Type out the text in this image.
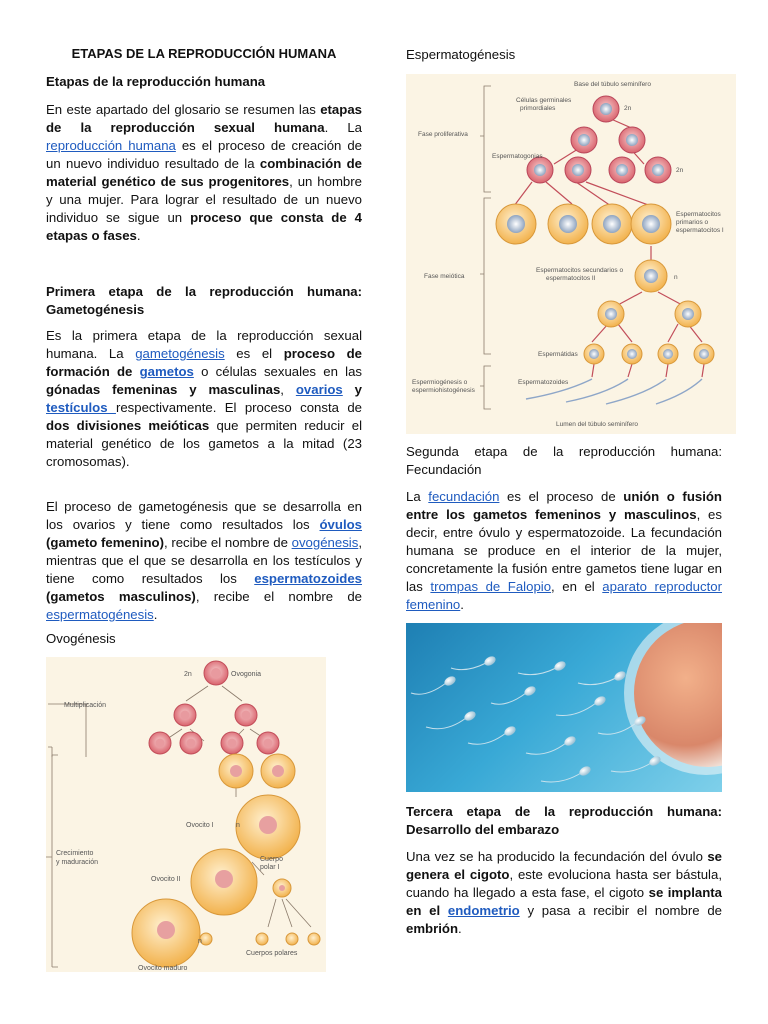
ETAPAS DE LA REPRODUCCIÓN HUMANA
Etapas de la reproducción humana

En este apartado del glosario se resumen las etapas de la reproducción sexual humana. La reproducción humana es el proceso de creación de un nuevo individuo resultado de la combinación de material genético de sus progenitores, un hombre y una mujer. Para lograr el resultado de un nuevo individuo se sigue un proceso que consta de 4 etapas o fases.

Primera etapa de la reproducción humana: Gametogénesis

Es la primera etapa de la reproducción sexual humana. La gametogénesis es el proceso de formación de gametos o células sexuales en las gónadas femeninas y masculinas, ovarios y testículos respectivamente. El proceso consta de dos divisiones meióticas que permiten reducir el material genético de los gametos a la mitad (23 cromosomas).

El proceso de gametogénesis que se desarrolla en los ovarios y tiene como resultados los óvulos (gameto femenino), recibe el nombre de ovogénesis, mientras que el que se desarrolla en los testículos y tiene como resultados los espermatozoides (gametos masculinos), recibe el nombre de espermatogénesis.

Ovogénesis

2n	Ovogonia
Multiplicación
Ovocito I	n
Crecimiento
y maduración
Ovocito II
Cuerpo
polar I
n
Cuerpos polares
Ovocito maduro

Espermatogénesis

Base del túbulo seminífero
Células germinales
primordiales	2n
Fase proliferativa
Espermatogonias
2n
Espermatocitos
primarios o
espermatocitos I
Fase meiótica
Espermatocitos secundarios o
espermatocitos II	n
Espermátidas
Espermiogénesis o
espermiohistogénesis
Espermatozoides
Lumen del túbulo seminífero
Segunda etapa de la reproducción humana: Fecundación

La fecundación es el proceso de unión o fusión entre los gametos femeninos y masculinos, es decir, entre óvulo y espermatozoide. La fecundación humana se produce en el interior de la mujer, concretamente la fusión entre gametos tiene lugar en las trompas de Falopio, en el aparato reproductor femenino.

Tercera etapa de la reproducción humana: Desarrollo del embarazo

Una vez se ha producido la fecundación del óvulo se genera el cigoto, este evoluciona hasta ser bástula, cuando ha llegado a esta fase, el cigoto se implanta en el endometrio y pasa a recibir el nombre de embrión.
